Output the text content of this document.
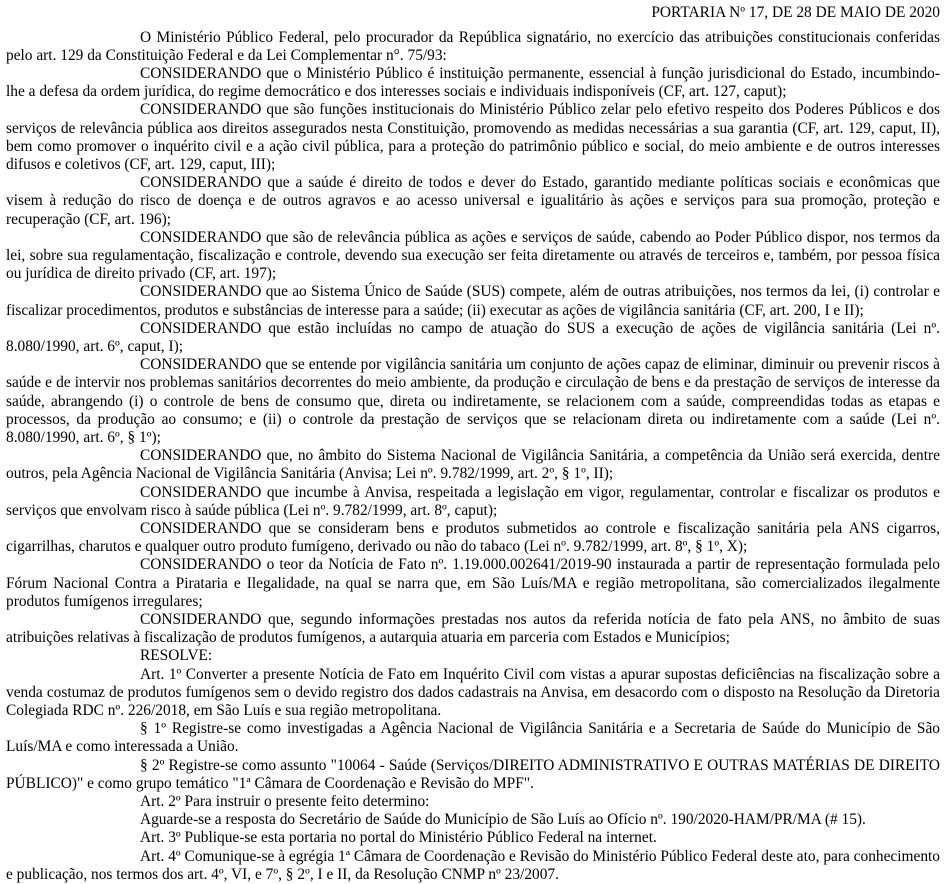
PORTARIA Nº 17, DE 28 DE MAIO DE 2020

O Ministério Público Federal, pelo procurador da República signatário, no exercício das atribuições constitucionais conferidas pelo art. 129 da Constituição Federal e da Lei Complementar n°. 75/93:

CONSIDERANDO que o Ministério Público é instituição permanente, essencial à função jurisdicional do Estado, incumbindo-lhe a defesa da ordem jurídica, do regime democrático e dos interesses sociais e individuais indisponíveis (CF, art. 127, caput);

CONSIDERANDO que são funções institucionais do Ministério Público zelar pelo efetivo respeito dos Poderes Públicos e dos serviços de relevância pública aos direitos assegurados nesta Constituição, promovendo as medidas necessárias a sua garantia (CF, art. 129, caput, II), bem como promover o inquérito civil e a ação civil pública, para a proteção do patrimônio público e social, do meio ambiente e de outros interesses difusos e coletivos (CF, art. 129, caput, III);

CONSIDERANDO que a saúde é direito de todos e dever do Estado, garantido mediante políticas sociais e econômicas que visem à redução do risco de doença e de outros agravos e ao acesso universal e igualitário às ações e serviços para sua promoção, proteção e recuperação (CF, art. 196);

CONSIDERANDO que são de relevância pública as ações e serviços de saúde, cabendo ao Poder Público dispor, nos termos da lei, sobre sua regulamentação, fiscalização e controle, devendo sua execução ser feita diretamente ou através de terceiros e, também, por pessoa física ou jurídica de direito privado (CF, art. 197);

CONSIDERANDO que ao Sistema Único de Saúde (SUS) compete, além de outras atribuições, nos termos da lei, (i) controlar e fiscalizar procedimentos, produtos e substâncias de interesse para a saúde; (ii) executar as ações de vigilância sanitária (CF, art. 200, I e II);

CONSIDERANDO que estão incluídas no campo de atuação do SUS a execução de ações de vigilância sanitária (Lei nº. 8.080/1990, art. 6º, caput, I);

CONSIDERANDO que se entende por vigilância sanitária um conjunto de ações capaz de eliminar, diminuir ou prevenir riscos à saúde e de intervir nos problemas sanitários decorrentes do meio ambiente, da produção e circulação de bens e da prestação de serviços de interesse da saúde, abrangendo (i) o controle de bens de consumo que, direta ou indiretamente, se relacionem com a saúde, compreendidas todas as etapas e processos, da produção ao consumo; e (ii) o controle da prestação de serviços que se relacionam direta ou indiretamente com a saúde (Lei nº. 8.080/1990, art. 6º, § 1º);

CONSIDERANDO que, no âmbito do Sistema Nacional de Vigilância Sanitária, a competência da União será exercida, dentre outros, pela Agência Nacional de Vigilância Sanitária (Anvisa; Lei nº. 9.782/1999, art. 2º, § 1º, II);

CONSIDERANDO que incumbe à Anvisa, respeitada a legislação em vigor, regulamentar, controlar e fiscalizar os produtos e serviços que envolvam risco à saúde pública (Lei nº. 9.782/1999, art. 8º, caput);

CONSIDERANDO que se consideram bens e produtos submetidos ao controle e fiscalização sanitária pela ANS cigarros, cigarrilhas, charutos e qualquer outro produto fumígeno, derivado ou não do tabaco (Lei nº. 9.782/1999, art. 8º, § 1º, X);

CONSIDERANDO o teor da Notícia de Fato nº. 1.19.000.002641/2019-90 instaurada a partir de representação formulada pelo Fórum Nacional Contra a Pirataria e Ilegalidade, na qual se narra que, em São Luís/MA e região metropolitana, são comercializados ilegalmente produtos fumígenos irregulares;

CONSIDERANDO que, segundo informações prestadas nos autos da referida notícia de fato pela ANS, no âmbito de suas atribuições relativas à fiscalização de produtos fumígenos, a autarquia atuaria em parceria com Estados e Municípios;

RESOLVE:

Art. 1º Converter a presente Notícia de Fato em Inquérito Civil com vistas a apurar supostas deficiências na fiscalização sobre a venda costumaz de produtos fumígenos sem o devido registro dos dados cadastrais na Anvisa, em desacordo com o disposto na Resolução da Diretoria Colegiada RDC nº. 226/2018, em São Luís e sua região metropolitana.

§ 1º Registre-se como investigadas a Agência Nacional de Vigilância Sanitária e a Secretaria de Saúde do Município de São Luís/MA e como interessada a União.

§ 2º Registre-se como assunto "10064 - Saúde (Serviços/DIREITO ADMINISTRATIVO E OUTRAS MATÉRIAS DE DIREITO PÚBLICO)" e como grupo temático "1ª Câmara de Coordenação e Revisão do MPF".

Art. 2º Para instruir o presente feito determino:

Aguarde-se a resposta do Secretário de Saúde do Município de São Luís ao Ofício nº. 190/2020-HAM/PR/MA (# 15).

Art. 3º Publique-se esta portaria no portal do Ministério Público Federal na internet.

Art. 4º Comunique-se à egrégia 1ª Câmara de Coordenação e Revisão do Ministério Público Federal deste ato, para conhecimento e publicação, nos termos dos art. 4º, VI, e 7º, § 2º, I e II, da Resolução CNMP nº 23/2007.
